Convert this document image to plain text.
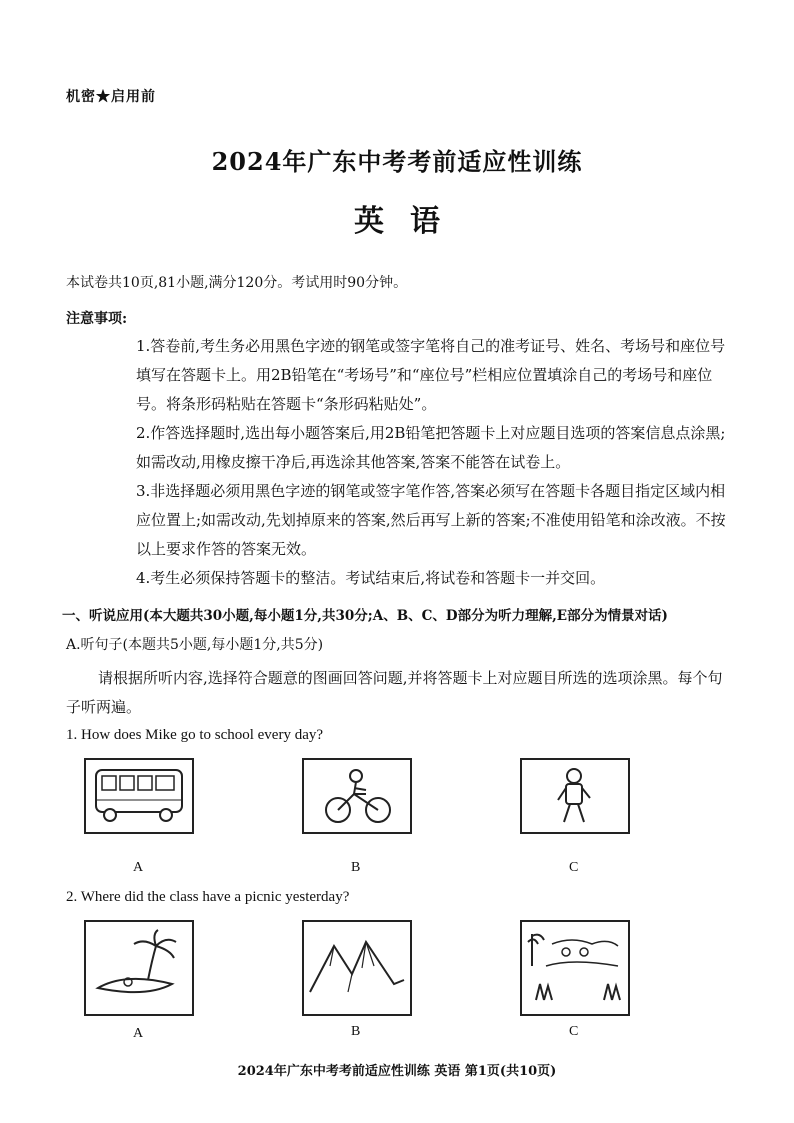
机密★启用前
2024年广东中考考前适应性训练
英语
本试卷共10页,81小题,满分120分。考试用时90分钟。
注意事项:
1.答卷前,考生务必用黑色字迹的钢笔或签字笔将自己的准考证号、姓名、考场号和座位号填写在答题卡上。用2B铅笔在“考场号”和“座位号”栏相应位置填涂自己的考场号和座位号。将条形码粘贴在答题卡“条形码粘贴处”。
2.作答选择题时,选出每小题答案后,用2B铅笔把答题卡上对应题目选项的答案信息点涂黑;如需改动,用橡皮擦干净后,再选涂其他答案,答案不能答在试卷上。
3.非选择题必须用黑色字迹的钢笔或签字笔作答,答案必须写在答题卡各题目指定区域内相应位置上;如需改动,先划掉原来的答案,然后再写上新的答案;不准使用铅笔和涂改液。不按以上要求作答的答案无效。
4.考生必须保持答题卡的整洁。考试结束后,将试卷和答题卡一并交回。
一、听说应用(本大题共30小题,每小题1分,共30分;A、B、C、D部分为听力理解,E部分为情景对话)
A.听句子(本题共5小题,每小题1分,共5分)
请根据所听内容,选择符合题意的图画回答问题,并将答题卡上对应题目所选的选项涂黑。每个句子听两遍。
1. How does Mike go to school every day?
A	B	C
2. Where did the class have a picnic yesterday?
A	B	C
2024年广东中考考前适应性训练 英语 第1页(共10页)
